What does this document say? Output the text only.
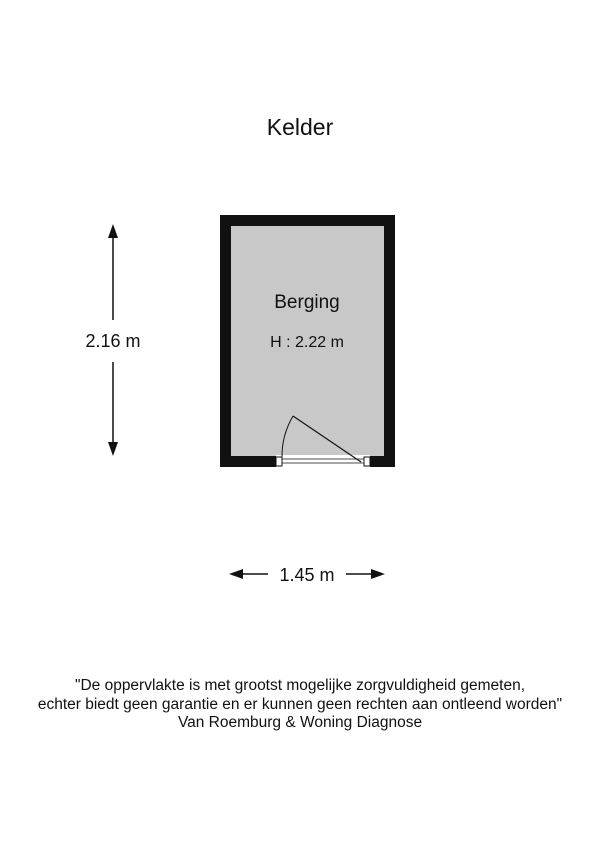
Kelder
2.16 m
Berging
H : 2.22 m
1.45 m
"De oppervlakte is met grootst mogelijke zorgvuldigheid gemeten,
echter biedt geen garantie en er kunnen geen rechten aan ontleend worden"
Van Roemburg & Woning Diagnose
